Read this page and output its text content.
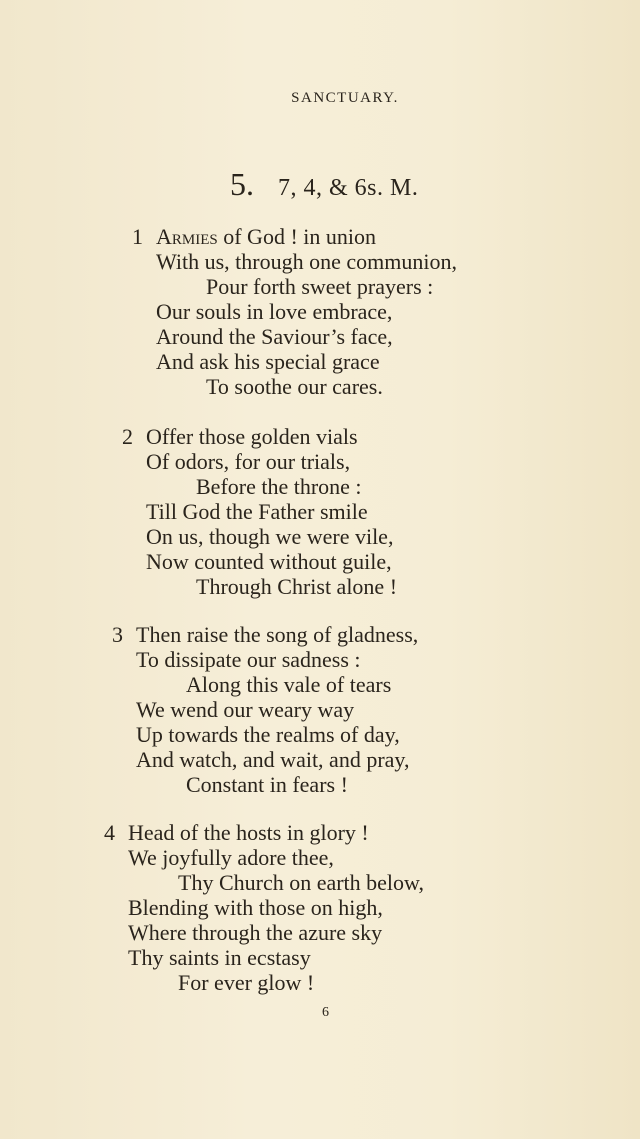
SANCTUARY.
5. 7, 4, & 6s. M.
1 Armies of God ! in union
With us, through one communion,
Pour forth sweet prayers :
Our souls in love embrace,
Around the Saviour’s face,
And ask his special grace
To soothe our cares.
2 Offer those golden vials
Of odors, for our trials,
Before the throne :
Till God the Father smile
On us, though we were vile,
Now counted without guile,
Through Christ alone !
3 Then raise the song of gladness,
To dissipate our sadness :
Along this vale of tears
We wend our weary way
Up towards the realms of day,
And watch, and wait, and pray,
Constant in fears !
4 Head of the hosts in glory !
We joyfully adore thee,
Thy Church on earth below,
Blending with those on high,
Where through the azure sky
Thy saints in ecstasy
For ever glow !
6
